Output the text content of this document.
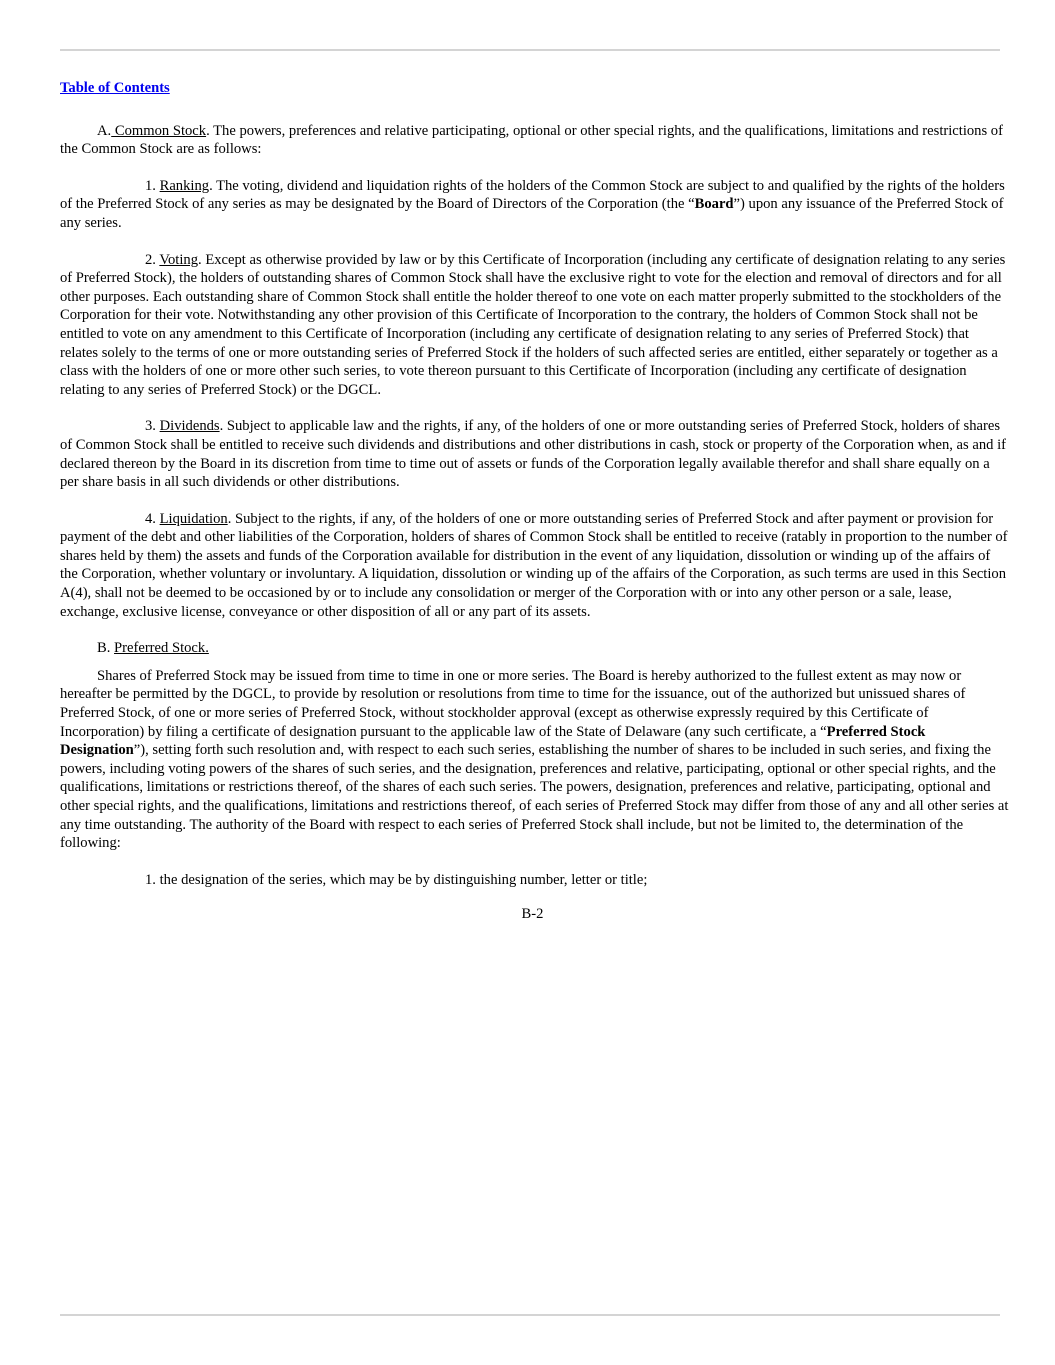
Table of Contents

A. Common Stock. The powers, preferences and relative participating, optional or other special rights, and the qualifications, limitations and restrictions of the Common Stock are as follows:

1. Ranking. The voting, dividend and liquidation rights of the holders of the Common Stock are subject to and qualified by the rights of the holders of the Preferred Stock of any series as may be designated by the Board of Directors of the Corporation (the “Board”) upon any issuance of the Preferred Stock of any series.

2. Voting. Except as otherwise provided by law or by this Certificate of Incorporation (including any certificate of designation relating to any series of Preferred Stock), the holders of outstanding shares of Common Stock shall have the exclusive right to vote for the election and removal of directors and for all other purposes. Each outstanding share of Common Stock shall entitle the holder thereof to one vote on each matter properly submitted to the stockholders of the Corporation for their vote. Notwithstanding any other provision of this Certificate of Incorporation to the contrary, the holders of Common Stock shall not be entitled to vote on any amendment to this Certificate of Incorporation (including any certificate of designation relating to any series of Preferred Stock) that relates solely to the terms of one or more outstanding series of Preferred Stock if the holders of such affected series are entitled, either separately or together as a class with the holders of one or more other such series, to vote thereon pursuant to this Certificate of Incorporation (including any certificate of designation relating to any series of Preferred Stock) or the DGCL.

3. Dividends. Subject to applicable law and the rights, if any, of the holders of one or more outstanding series of Preferred Stock, holders of shares of Common Stock shall be entitled to receive such dividends and distributions and other distributions in cash, stock or property of the Corporation when, as and if declared thereon by the Board in its discretion from time to time out of assets or funds of the Corporation legally available therefor and shall share equally on a per share basis in all such dividends or other distributions.

4. Liquidation. Subject to the rights, if any, of the holders of one or more outstanding series of Preferred Stock and after payment or provision for payment of the debt and other liabilities of the Corporation, holders of shares of Common Stock shall be entitled to receive (ratably in proportion to the number of shares held by them) the assets and funds of the Corporation available for distribution in the event of any liquidation, dissolution or winding up of the affairs of the Corporation, whether voluntary or involuntary. A liquidation, dissolution or winding up of the affairs of the Corporation, as such terms are used in this Section A(4), shall not be deemed to be occasioned by or to include any consolidation or merger of the Corporation with or into any other person or a sale, lease, exchange, exclusive license, conveyance or other disposition of all or any part of its assets.

B. Preferred Stock.

Shares of Preferred Stock may be issued from time to time in one or more series. The Board is hereby authorized to the fullest extent as may now or hereafter be permitted by the DGCL, to provide by resolution or resolutions from time to time for the issuance, out of the authorized but unissued shares of Preferred Stock, of one or more series of Preferred Stock, without stockholder approval (except as otherwise expressly required by this Certificate of Incorporation) by filing a certificate of designation pursuant to the applicable law of the State of Delaware (any such certificate, a “Preferred Stock Designation”), setting forth such resolution and, with respect to each such series, establishing the number of shares to be included in such series, and fixing the powers, including voting powers of the shares of such series, and the designation, preferences and relative, participating, optional or other special rights, and the qualifications, limitations or restrictions thereof, of the shares of each such series. The powers, designation, preferences and relative, participating, optional and other special rights, and the qualifications, limitations and restrictions thereof, of each series of Preferred Stock may differ from those of any and all other series at any time outstanding. The authority of the Board with respect to each series of Preferred Stock shall include, but not be limited to, the determination of the following:

1. the designation of the series, which may be by distinguishing number, letter or title;

B-2
